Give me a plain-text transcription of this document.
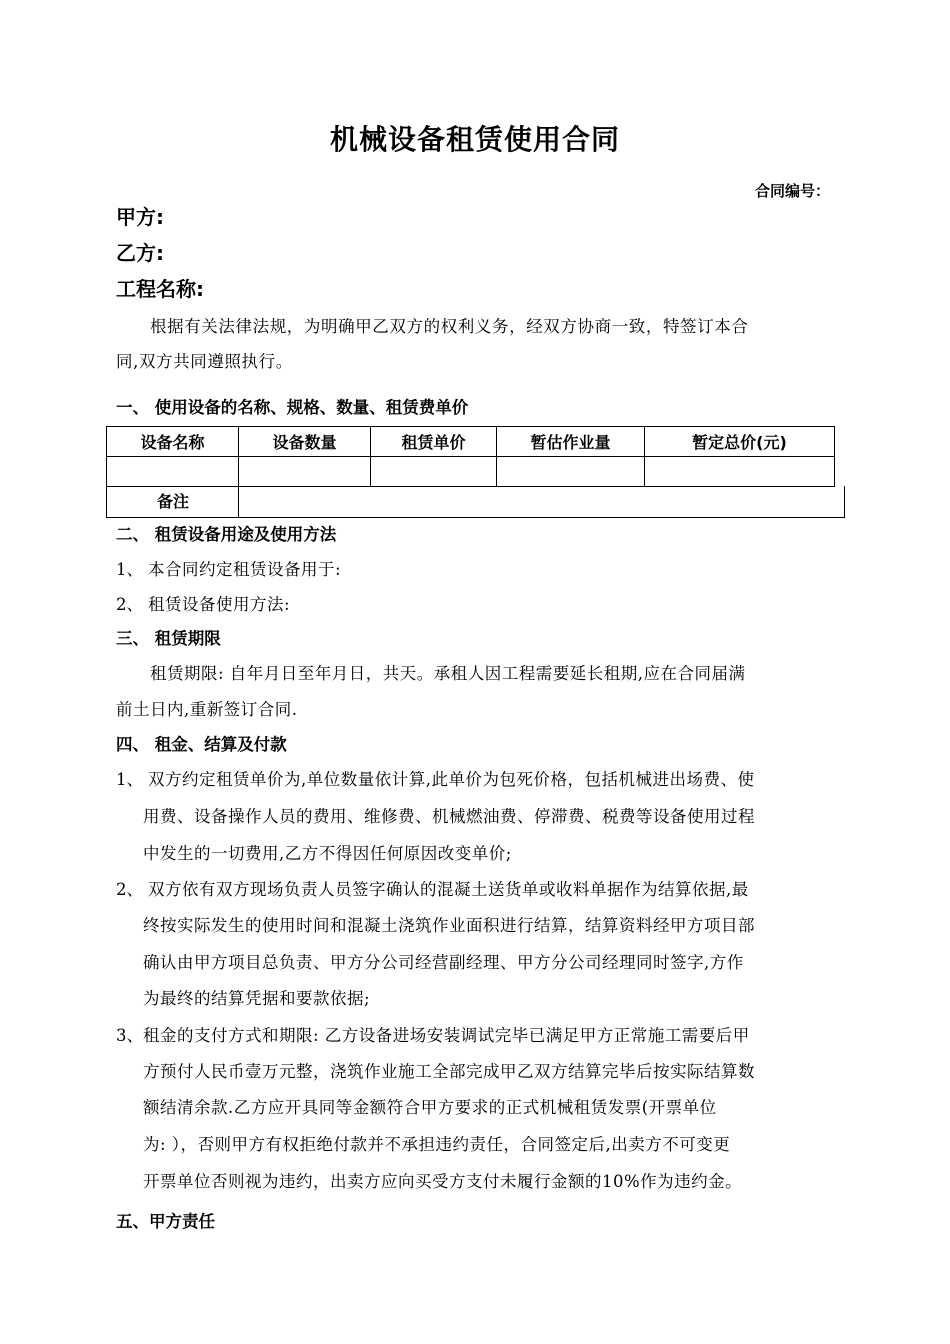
机械设备租赁使用合同
合同编号：
甲方:
乙方:
工程名称:
根据有关法律法规，为明确甲乙双方的权利义务，经双方协商一致，特签订本合
同,双方共同遵照执行。
一、 使用设备的名称、规格、数量、租赁费单价
设备名称	设备数量	租赁单价	暂估作业量	暂定总价(元)

备注
二、 租赁设备用途及使用方法
1、 本合同约定租赁设备用于:
2、 租赁设备使用方法:
三、 租赁期限
租赁期限: 自年月日至年月日，共天。承租人因工程需要延长租期,应在合同届满
前土日内,重新签订合同.
四、 租金、结算及付款
1、 双方约定租赁单价为,单位数量依计算,此单价为包死价格，包括机械进出场费、使
用费、设备操作人员的费用、维修费、机械燃油费、停滞费、税费等设备使用过程
中发生的一切费用,乙方不得因任何原因改变单价;
2、 双方依有双方现场负责人员签字确认的混凝土送货单或收料单据作为结算依据,最
终按实际发生的使用时间和混凝土浇筑作业面积进行结算，结算资料经甲方项目部
确认由甲方项目总负责、甲方分公司经营副经理、甲方分公司经理同时签字,方作
为最终的结算凭据和要款依据;
3、 租金的支付方式和期限: 乙方设备进场安装调试完毕已满足甲方正常施工需要后甲
方预付人民币壹万元整，浇筑作业施工全部完成甲乙双方结算完毕后按实际结算数
额结清余款.乙方应开具同等金额符合甲方要求的正式机械租赁发票(开票单位
为: ），否则甲方有权拒绝付款并不承担违约责任，合同签定后,出卖方不可变更
开票单位否则视为违约，出卖方应向买受方支付未履行金额的10%作为违约金。
五、甲方责任
